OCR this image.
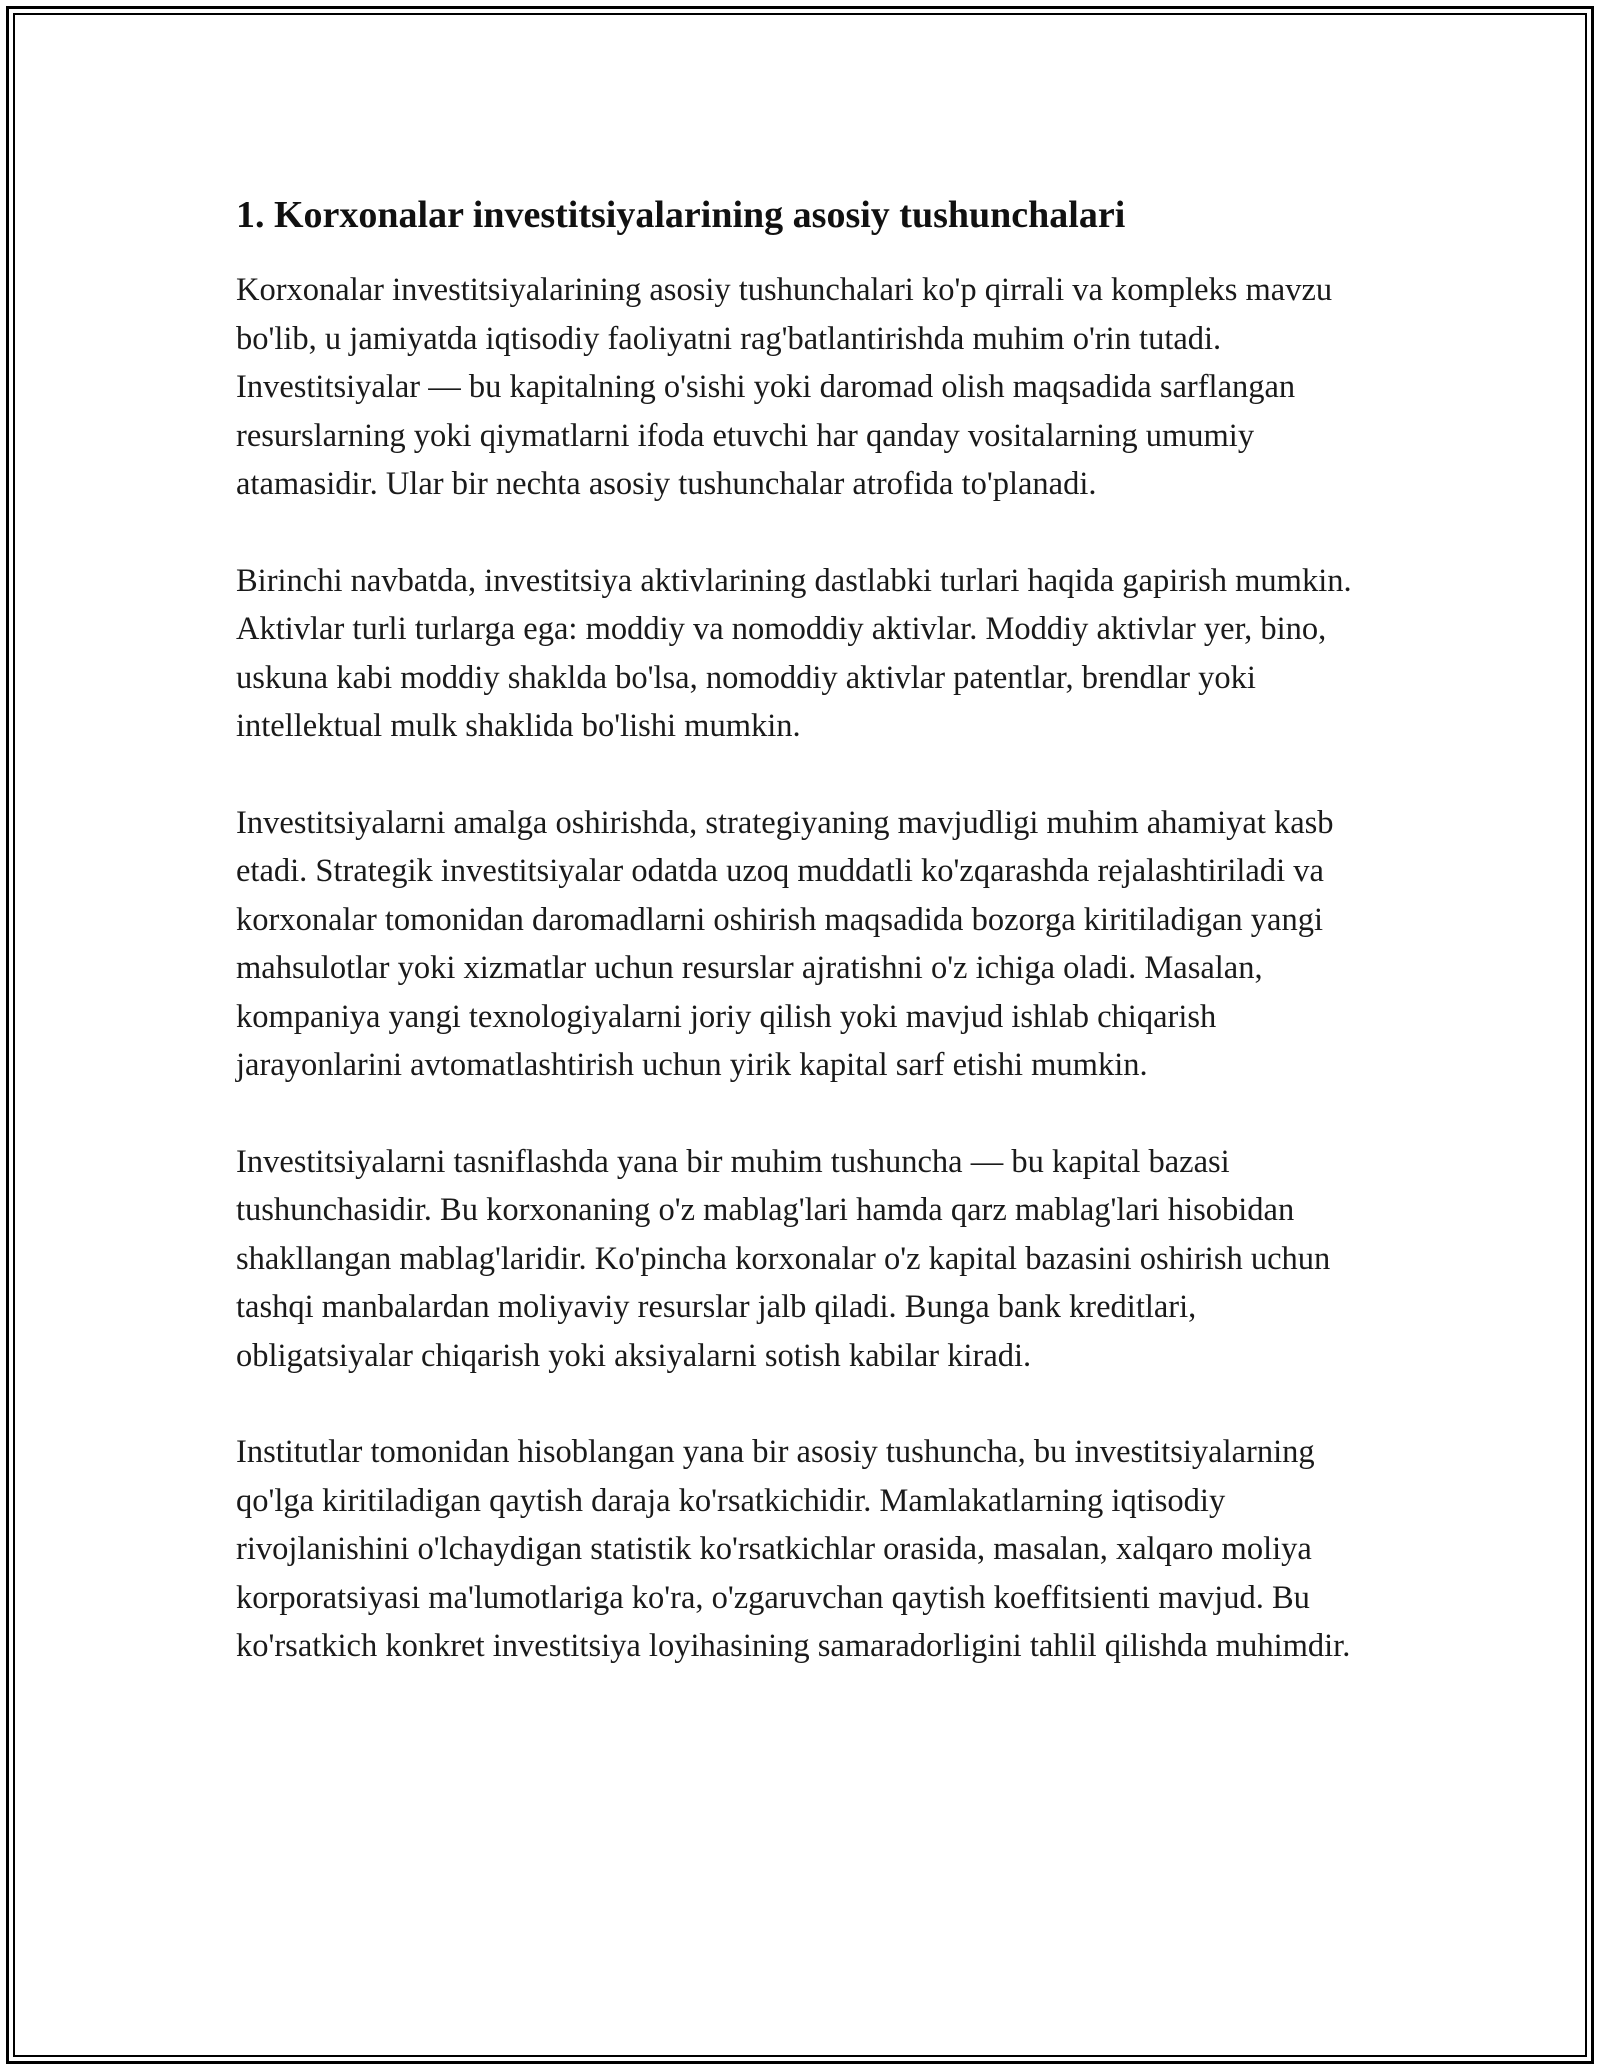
1. Korxonalar investitsiyalarining asosiy tushunchalari

Korxonalar investitsiyalarining asosiy tushunchalari ko'p qirrali va kompleks mavzu bo'lib, u jamiyatda iqtisodiy faoliyatni rag'batlantirishda muhim o'rin tutadi. Investitsiyalar — bu kapitalning o'sishi yoki daromad olish maqsadida sarflangan resurslarning yoki qiymatlarni ifoda etuvchi har qanday vositalarning umumiy atamasidir. Ular bir nechta asosiy tushunchalar atrofida to'planadi.

Birinchi navbatda, investitsiya aktivlarining dastlabki turlari haqida gapirish mumkin. Aktivlar turli turlarga ega: moddiy va nomoddiy aktivlar. Moddiy aktivlar yer, bino, uskuna kabi moddiy shaklda bo'lsa, nomoddiy aktivlar patentlar, brendlar yoki intellektual mulk shaklida bo'lishi mumkin.

Investitsiyalarni amalga oshirishda, strategiyaning mavjudligi muhim ahamiyat kasb etadi. Strategik investitsiyalar odatda uzoq muddatli ko'zqarashda rejalashtiriladi va korxonalar tomonidan daromadlarni oshirish maqsadida bozorga kiritiladigan yangi mahsulotlar yoki xizmatlar uchun resurslar ajratishni o'z ichiga oladi. Masalan, kompaniya yangi texnologiyalarni joriy qilish yoki mavjud ishlab chiqarish jarayonlarini avtomatlashtirish uchun yirik kapital sarf etishi mumkin.

Investitsiyalarni tasniflashda yana bir muhim tushuncha — bu kapital bazasi tushunchasidir. Bu korxonaning o'z mablag'lari hamda qarz mablag'lari hisobidan shakllangan mablag'laridir. Ko'pincha korxonalar o'z kapital bazasini oshirish uchun tashqi manbalardan moliyaviy resurslar jalb qiladi. Bunga bank kreditlari, obligatsiyalar chiqarish yoki aksiyalarni sotish kabilar kiradi.

Institutlar tomonidan hisoblangan yana bir asosiy tushuncha, bu investitsiyalarning qo'lga kiritiladigan qaytish daraja ko'rsatkichidir. Mamlakatlarning iqtisodiy rivojlanishini o'lchaydigan statistik ko'rsatkichlar orasida, masalan, xalqaro moliya korporatsiyasi ma'lumotlariga ko'ra, o'zgaruvchan qaytish koeffitsienti mavjud. Bu ko'rsatkich konkret investitsiya loyihasining samaradorligini tahlil qilishda muhimdir.
